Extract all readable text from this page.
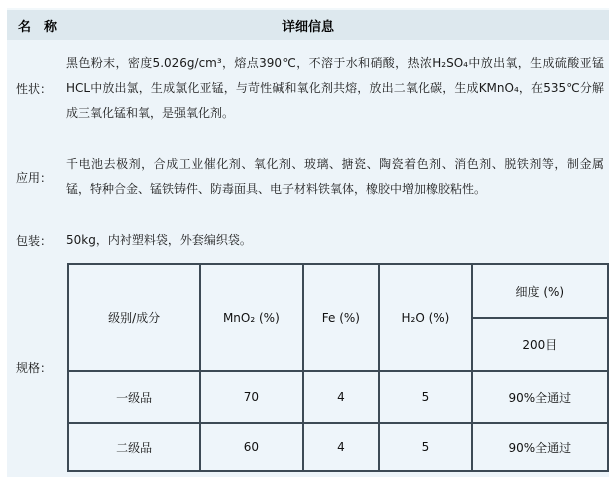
名　称	详细信息
性状：
黑色粉末，密度5.026g/cm³，熔点390℃，不溶于水和硝酸，热浓H₂SO₄中放出氧，生成硫酸亚锰HCL中放出氯，生成氯化亚锰，与苛性碱和氧化剂共熔，放出二氧化碳，生成KMnO₄，在535℃分解成三氧化锰和氧，是强氧化剂。
应用：
千电池去极剂，合成工业催化剂、氧化剂、玻璃、搪瓷、陶瓷着色剂、消色剂、脱铁剂等，制金属锰，特种合金、锰铁铸件、防毒面具、电子材料铁氧体，橡胶中增加橡胶粘性。
包装：	50kg，内衬塑料袋，外套编织袋。
规格：
级别/成分	MnO₂ (%)	Fe (%)	H₂O (%)	细度 (%)
				200目
一级品	70	4	5	90%全通过
二级品	60	4	5	90%全通过
